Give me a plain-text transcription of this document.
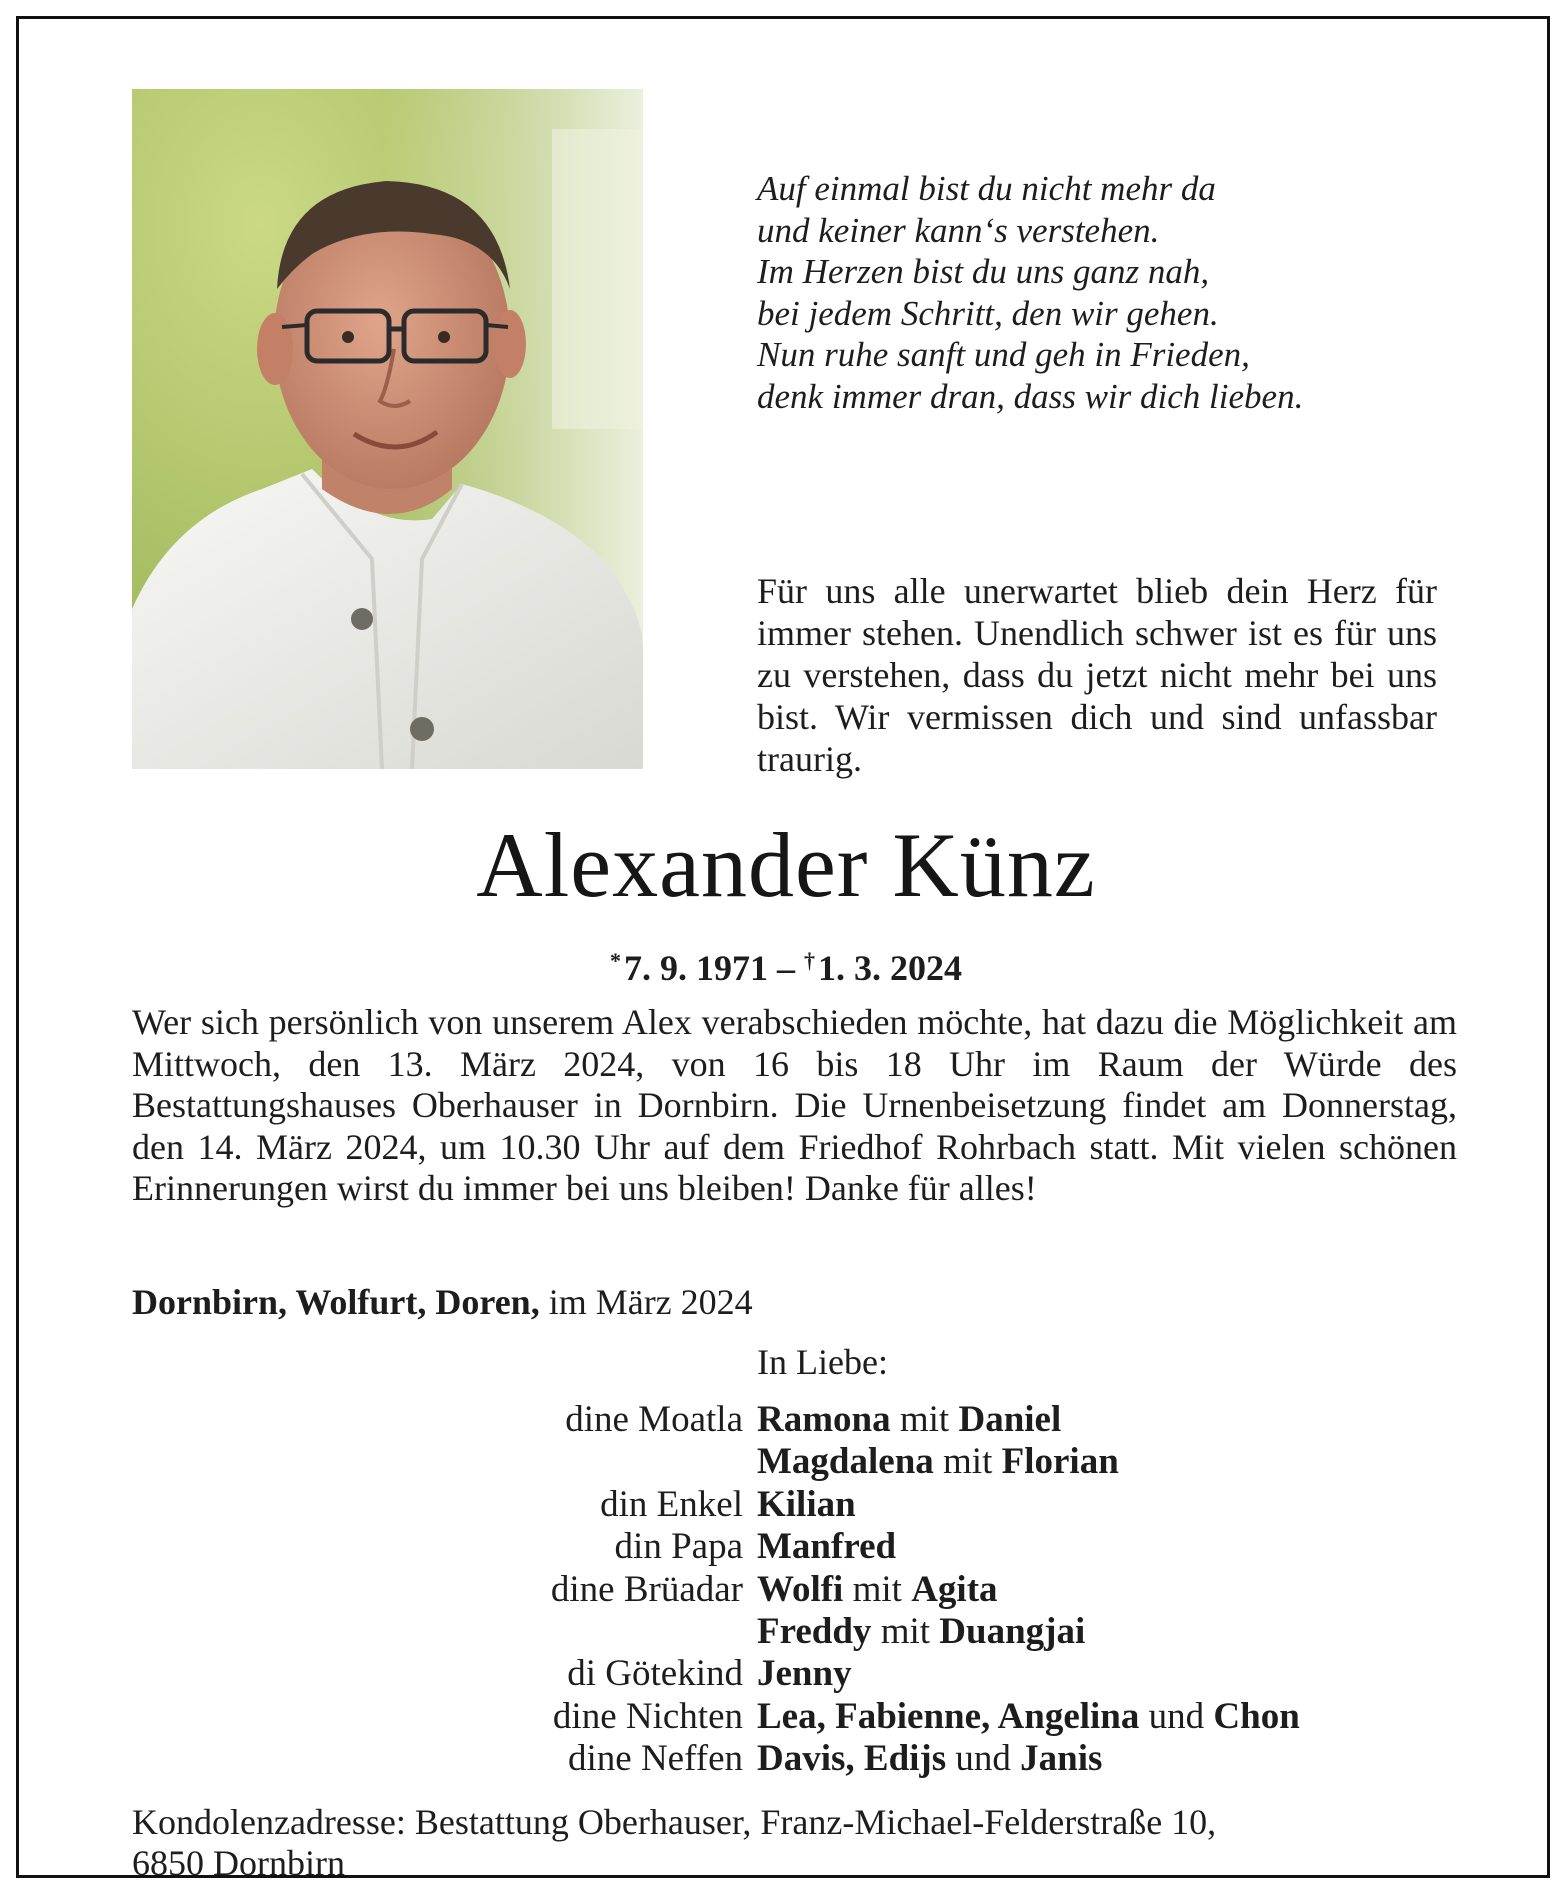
Auf einmal bist du nicht mehr da
und keiner kann‘s verstehen.
Im Herzen bist du uns ganz nah,
bei jedem Schritt, den wir gehen.
Nun ruhe sanft und geh in Frieden,
denk immer dran, dass wir dich lieben.
Für uns alle unerwartet blieb dein Herz für immer stehen. Unendlich schwer ist es für uns zu verstehen, dass du jetzt nicht mehr bei uns bist. Wir vermissen dich und sind unfassbar traurig.
Alexander Künz
*7. 9. 1971 – †1. 3. 2024
Wer sich persönlich von unserem Alex verabschieden möchte, hat dazu die Möglichkeit am Mittwoch, den 13. März 2024, von 16 bis 18 Uhr im Raum der Würde des Bestattungshauses Oberhauser in Dornbirn. Die Urnenbeisetzung findet am Donnerstag, den 14. März 2024, um 10.30 Uhr auf dem Friedhof Rohrbach statt. Mit vielen schönen Erinnerungen wirst du immer bei uns bleiben! Danke für alles!
Dornbirn, Wolfurt, Doren, im März 2024
In Liebe:
dine Moatla Ramona mit Daniel
Magdalena mit Florian
din Enkel Kilian
din Papa Manfred
dine Brüadar Wolfi mit Agita
Freddy mit Duangjai
di Götekind Jenny
dine Nichten Lea, Fabienne, Angelina und Chon
dine Neffen Davis, Edijs und Janis
Kondolenzadresse: Bestattung Oberhauser, Franz-Michael-Felderstraße 10,
6850 Dornbirn
